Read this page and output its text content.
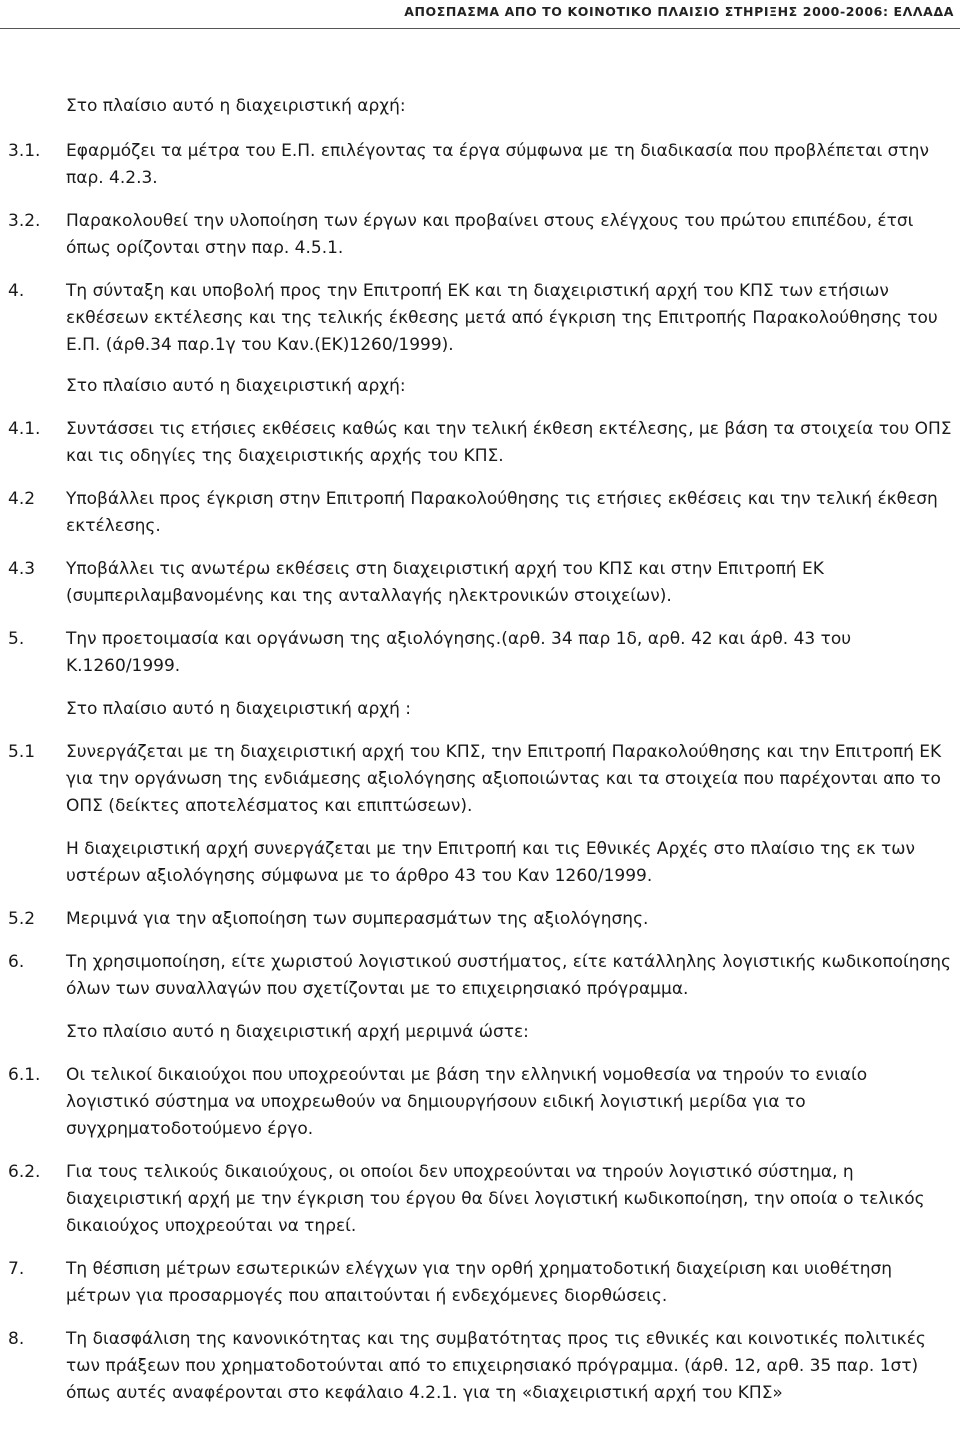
ΑΠΟΣΠΑΣΜΑ ΑΠΟ ΤΟ ΚΟΙΝΟΤΙΚΟ ΠΛΑΙΣΙΟ ΣΤΗΡΙΞΗΣ 2000-2006: ΕΛΛΑΔΑ
Στο πλαίσιο αυτό η διαχειριστική αρχή:
3.1.	Εφαρμόζει τα μέτρα του Ε.Π. επιλέγοντας τα έργα σύμφωνα με τη διαδικασία που προβλέπεται στην παρ. 4.2.3.
3.2.	Παρακολουθεί την υλοποίηση των έργων και προβαίνει στους ελέγχους του πρώτου επιπέδου, έτσι όπως ορίζονται στην παρ. 4.5.1.
4.	Τη σύνταξη και υποβολή προς την Επιτροπή ΕΚ και τη διαχειριστική αρχή του ΚΠΣ των ετήσιων εκθέσεων εκτέλεσης και της τελικής έκθεσης μετά από έγκριση της Επιτροπής Παρακολούθησης του Ε.Π. (άρθ.34 παρ.1γ του Καν.(ΕΚ)1260/1999).
Στο πλαίσιο αυτό η διαχειριστική αρχή:
4.1.	Συντάσσει τις ετήσιες εκθέσεις καθώς και την τελική έκθεση εκτέλεσης, με βάση τα στοιχεία του ΟΠΣ και τις οδηγίες της διαχειριστικής αρχής του ΚΠΣ.
4.2	Υποβάλλει προς έγκριση στην Επιτροπή Παρακολούθησης τις ετήσιες εκθέσεις και την τελική έκθεση εκτέλεσης.
4.3	Υποβάλλει τις ανωτέρω εκθέσεις στη διαχειριστική αρχή του ΚΠΣ και στην Επιτροπή ΕΚ (συμπεριλαμβανομένης και της ανταλλαγής ηλεκτρονικών στοιχείων).
5.	Την προετοιμασία και οργάνωση της αξιολόγησης.(αρθ. 34 παρ 1δ, αρθ. 42 και άρθ. 43 του Κ.1260/1999.
Στο πλαίσιο αυτό η διαχειριστική αρχή :
5.1	Συνεργάζεται με τη διαχειριστική αρχή του ΚΠΣ, την Επιτροπή Παρακολούθησης και την Επιτροπή ΕΚ για την οργάνωση της ενδιάμεσης αξιολόγησης αξιοποιώντας και τα στοιχεία που παρέχονται απο το ΟΠΣ (δείκτες αποτελέσματος και επιπτώσεων).
Η διαχειριστική αρχή συνεργάζεται με την Επιτροπή και τις Εθνικές Αρχές στο πλαίσιο της εκ των υστέρων αξιολόγησης σύμφωνα με το άρθρο 43 του Καν 1260/1999.
5.2	Μεριμνά για την αξιοποίηση των συμπερασμάτων της αξιολόγησης.
6.	Τη χρησιμοποίηση, είτε χωριστού λογιστικού συστήματος, είτε κατάλληλης λογιστικής κωδικοποίησης όλων των συναλλαγών που σχετίζονται με το επιχειρησιακό πρόγραμμα.
Στο πλαίσιο αυτό η διαχειριστική αρχή μεριμνά ώστε:
6.1.	Οι τελικοί δικαιούχοι που υποχρεούνται με βάση την ελληνική νομοθεσία να τηρούν το ενιαίο λογιστικό σύστημα να υποχρεωθούν να δημιουργήσουν ειδική λογιστική μερίδα για το συγχρηματοδοτούμενο έργο.
6.2.	Για τους τελικούς δικαιούχους, οι οποίοι δεν υποχρεούνται να τηρούν λογιστικό σύστημα, η διαχειριστική αρχή με την έγκριση του έργου θα δίνει λογιστική κωδικοποίηση, την οποία ο τελικός δικαιούχος υποχρεούται να τηρεί.
7.	Τη θέσπιση μέτρων εσωτερικών ελέγχων για την ορθή χρηματοδοτική διαχείριση και υιοθέτηση μέτρων για προσαρμογές που απαιτούνται ή ενδεχόμενες διορθώσεις.
8.	Τη διασφάλιση της κανονικότητας και της συμβατότητας προς τις εθνικές και κοινοτικές πολιτικές των πράξεων που χρηματοδοτούνται από το επιχειρησιακό πρόγραμμα. (άρθ. 12, αρθ. 35 παρ. 1στ) όπως αυτές αναφέρονται στο κεφάλαιο 4.2.1. για τη «διαχειριστική αρχή του ΚΠΣ»
